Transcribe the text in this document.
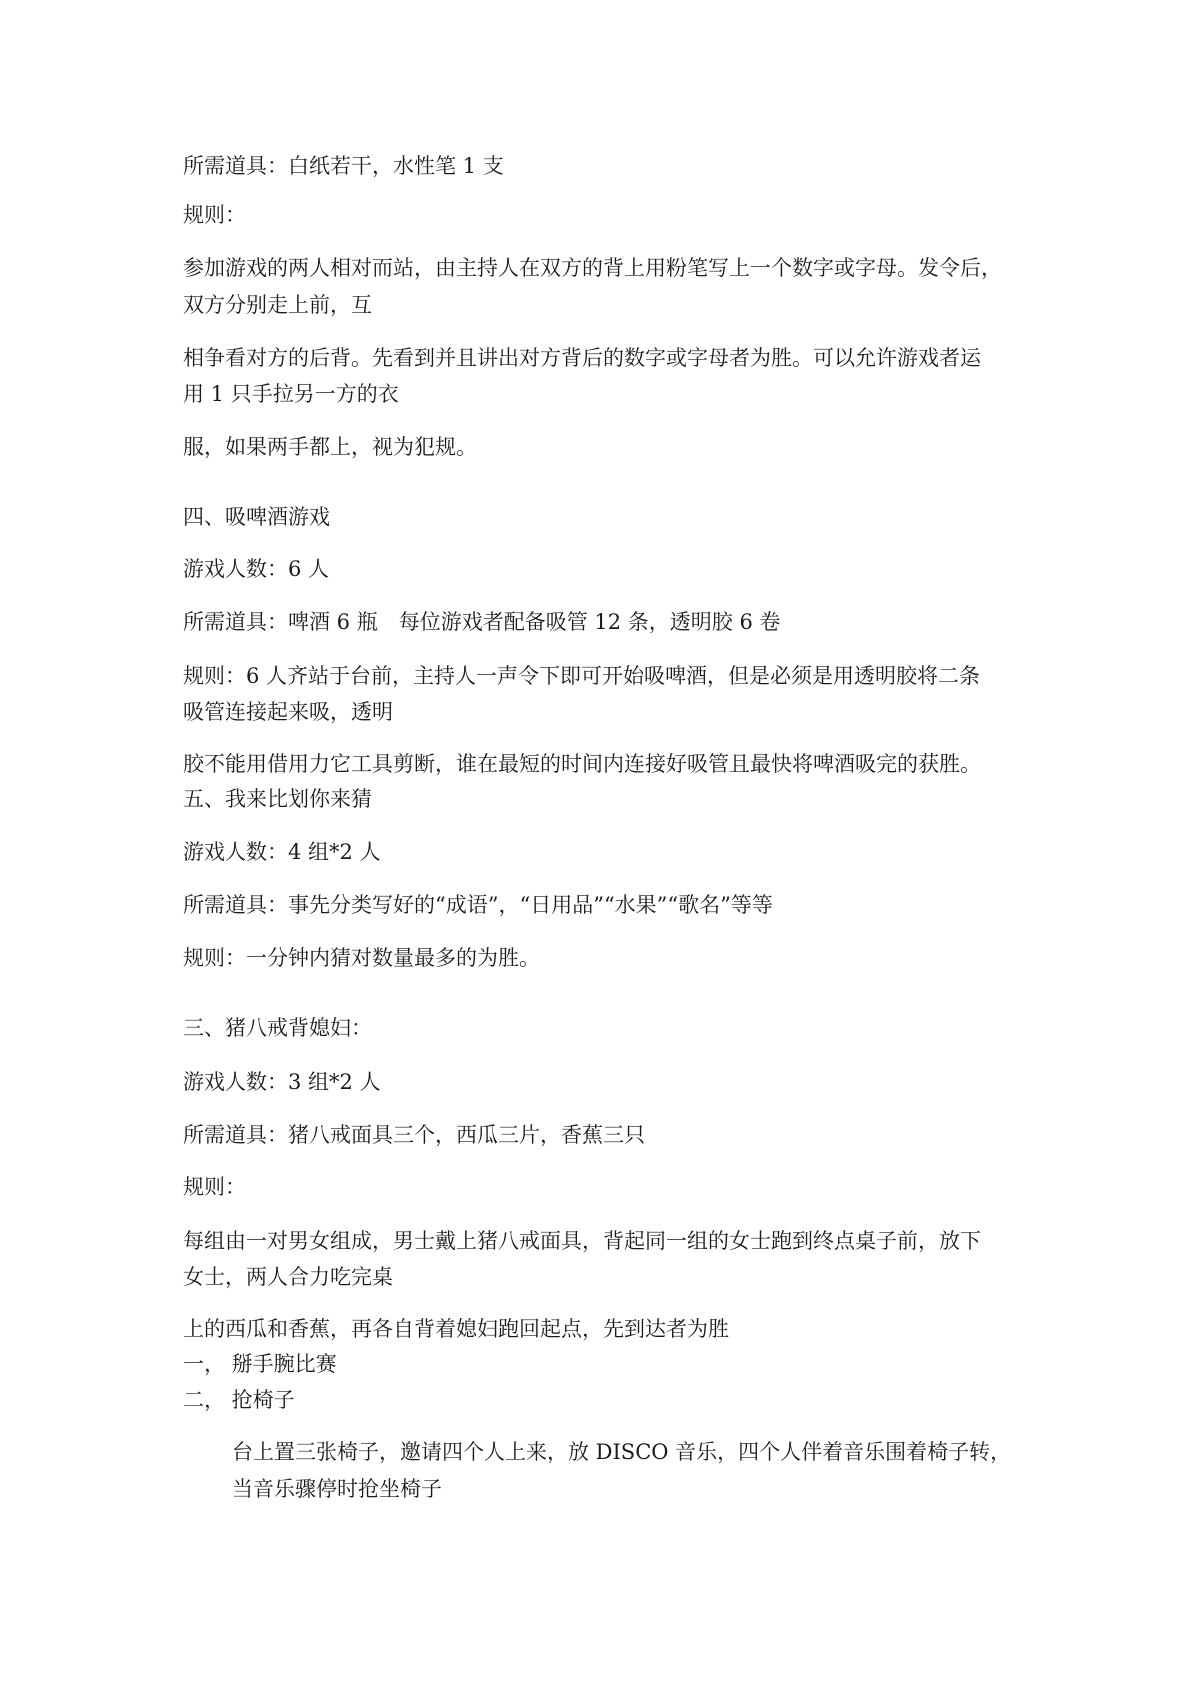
所需道具：白纸若干，水性笔 1 支
规则：
参加游戏的两人相对而站，由主持人在双方的背上用粉笔写上一个数字或字母。发令后，
双方分别走上前，互
相争看对方的后背。先看到并且讲出对方背后的数字或字母者为胜。可以允许游戏者运
用 1 只手拉另一方的衣
服，如果两手都上，视为犯规。
四、吸啤酒游戏
游戏人数：6 人
所需道具：啤酒 6 瓶　每位游戏者配备吸管 12 条，透明胶 6 卷
规则：6 人齐站于台前，主持人一声令下即可开始吸啤酒，但是必须是用透明胶将二条
吸管连接起来吸，透明
胶不能用借用力它工具剪断，谁在最短的时间内连接好吸管且最快将啤酒吸完的获胜。
五、我来比划你来猜
游戏人数：4 组*2 人
所需道具：事先分类写好的“成语”，“日用品”“水果”“歌名”等等
规则：一分钟内猜对数量最多的为胜。
三、猪八戒背媳妇：
游戏人数：3 组*2 人
所需道具：猪八戒面具三个，西瓜三片，香蕉三只
规则：
每组由一对男女组成，男士戴上猪八戒面具，背起同一组的女士跑到终点桌子前，放下
女士，两人合力吃完桌
上的西瓜和香蕉，再各自背着媳妇跑回起点，先到达者为胜
一， 掰手腕比赛
二， 抢椅子
台上置三张椅子，邀请四个人上来，放 DISCO 音乐，四个人伴着音乐围着椅子转，
当音乐骤停时抢坐椅子
